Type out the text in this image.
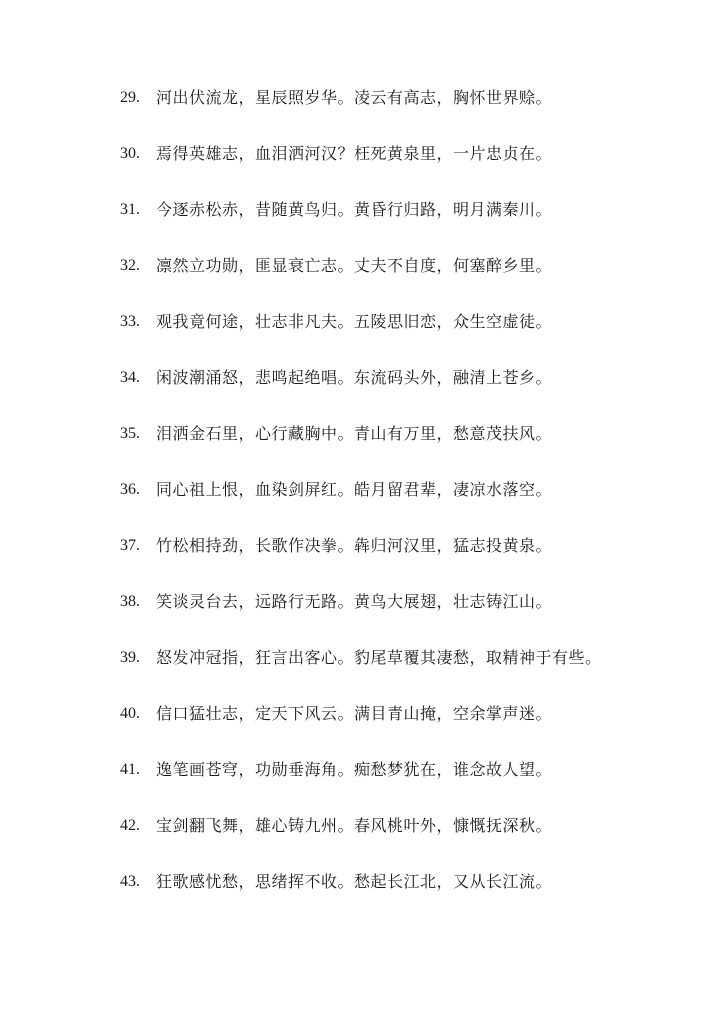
29.	河出伏流龙，星辰照岁华。凌云有高志，胸怀世界赊。
30.	焉得英雄志，血泪洒河汉？枉死黄泉里，一片忠贞在。
31.	今逐赤松赤，昔随黄鸟归。黄昏行归路，明月满秦川。
32.	凛然立功勋，匪显衰亡志。丈夫不自度，何塞醉乡里。
33.	观我竟何途，壮志非凡夫。五陵思旧恋，众生空虚徒。
34.	闲波潮涌怒，悲鸣起绝唱。东流码头外，融清上苍乡。
35.	泪洒金石里，心行藏胸中。青山有万里，愁意茂扶风。
36.	同心祖上恨，血染剑屏红。皓月留君辈，凄凉水落空。
37.	竹松相持劲，长歌作决拳。犇归河汉里，猛志投黄泉。
38.	笑谈灵台去，远路行无路。黄鸟大展翅，壮志铸江山。
39.	怒发冲冠指，狂言出客心。豹尾草覆其凄愁，取精神于有些。
40.	信口猛壮志，定天下风云。满目青山掩，空余掌声迷。
41.	逸笔画苍穹，功勋垂海角。痴愁梦犹在，谁念故人望。
42.	宝剑翻飞舞，雄心铸九州。春风桃叶外，慷慨抚深秋。
43.	狂歌感忧愁，思绪挥不收。愁起长江北，又从长江流。
